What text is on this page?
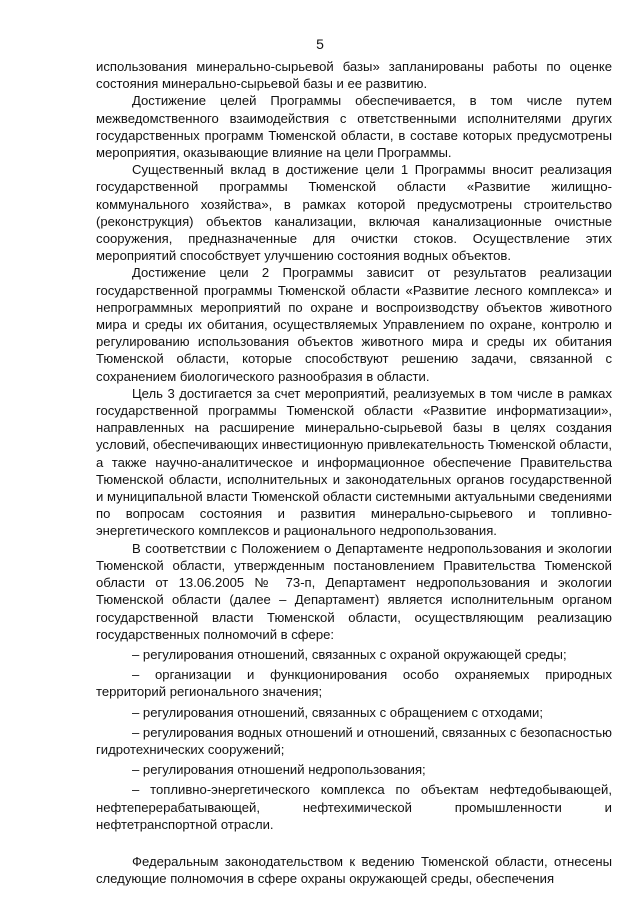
5

использования минерально-сырьевой базы» запланированы работы по оценке состояния минерально-сырьевой базы и ее развитию.

Достижение целей Программы обеспечивается, в том числе путем межведомственного взаимодействия с ответственными исполнителями других государственных программ Тюменской области, в составе которых предусмотрены мероприятия, оказывающие влияние на цели Программы.

Существенный вклад в достижение цели 1 Программы вносит реализация государственной программы Тюменской области «Развитие жилищно-коммунального хозяйства», в рамках которой предусмотрены строительство (реконструкция) объектов канализации, включая канализационные очистные сооружения, предназначенные для очистки стоков. Осуществление этих мероприятий способствует улучшению состояния водных объектов.

Достижение цели 2 Программы зависит от результатов реализации государственной программы Тюменской области «Развитие лесного комплекса» и непрограммных мероприятий по охране и воспроизводству объектов животного мира и среды их обитания, осуществляемых Управлением по охране, контролю и регулированию использования объектов животного мира и среды их обитания Тюменской области, которые способствуют решению задачи, связанной с сохранением биологического разнообразия в области.

Цель 3 достигается за счет мероприятий, реализуемых в том числе в рамках государственной программы Тюменской области «Развитие информатизации», направленных на расширение минерально-сырьевой базы в целях создания условий, обеспечивающих инвестиционную привлекательность Тюменской области, а также научно-аналитическое и информационное обеспечение Правительства Тюменской области, исполнительных и законодательных органов государственной и муниципальной власти Тюменской области системными актуальными сведениями по вопросам состояния и развития минерально-сырьевого и топливно-энергетического комплексов и рационального недропользования.

В соответствии с Положением о Департаменте недропользования и экологии Тюменской области, утвержденным постановлением Правительства Тюменской области от 13.06.2005 № 73-п, Департамент недропользования и экологии Тюменской области (далее – Департамент) является исполнительным органом государственной власти Тюменской области, осуществляющим реализацию государственных полномочий в сфере:

– регулирования отношений, связанных с охраной окружающей среды;

– организации и функционирования особо охраняемых природных территорий регионального значения;

– регулирования отношений, связанных с обращением с отходами;

– регулирования водных отношений и отношений, связанных с безопасностью гидротехнических сооружений;

– регулирования отношений недропользования;

– топливно-энергетического комплекса по объектам нефтедобывающей, нефтеперерабатывающей, нефтехимической промышленности и нефтетранспортной отрасли.

Федеральным законодательством к ведению Тюменской области, отнесены следующие полномочия в сфере охраны окружающей среды, обеспечения
